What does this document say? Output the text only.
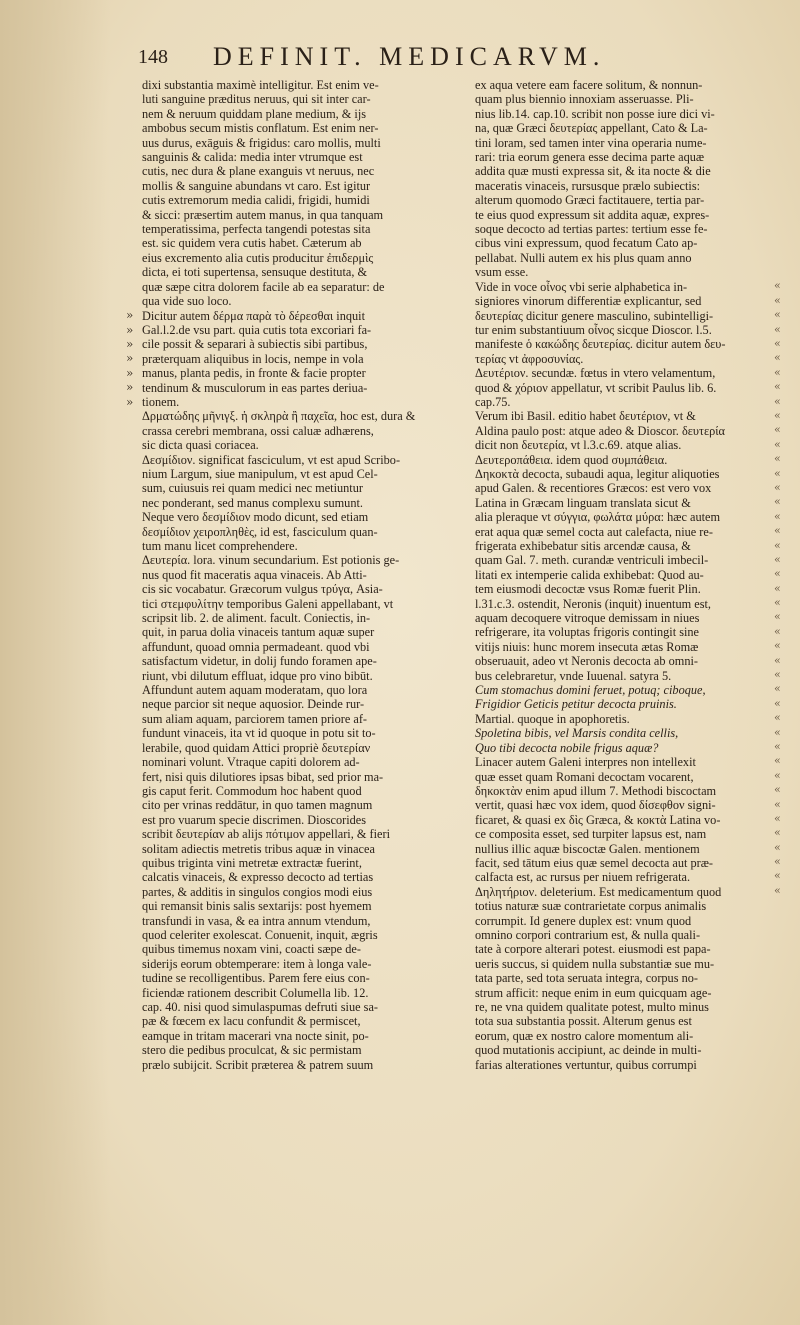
148 DEFINIT. MEDICARVM.
»
»
»
»
»
»
»
dixi substantia maximè intelligitur. Est enim ve-
luti sanguine præditus neruus, qui sit inter car-
nem & neruum quiddam plane medium, & ijs
ambobus secum mistis conflatum. Est enim ner-
uus durus, exāguis & frigidus: caro mollis, multi
sanguinis & calida: media inter vtrumque est
cutis, nec dura & plane exanguis vt neruus, nec
mollis & sanguine abundans vt caro. Est igitur
cutis extremorum media calidi, frigidi, humidi
& sicci: præsertim autem manus, in qua tanquam
temperatissima, perfecta tangendi potestas sita
est. sic quidem vera cutis habet. Cæterum ab
eius excremento alia cutis producitur ἐπιδερμὶς
dicta, ei toti supertensa, sensuque destituta, &
quæ sæpe citra dolorem facile ab ea separatur: de
qua vide suo loco.
Dicitur autem δέρμα παρὰ τὸ δέρεσθαι inquit
Gal.l.2.de vsu part. quia cutis tota excoriari fa-
cile possit & separari à subiectis sibi partibus,
præterquam aliquibus in locis, nempe in vola
manus, planta pedis, in fronte & facie propter
tendinum & musculorum in eas partes deriua-
tionem.
Δρματώδης μῆνιγξ. ἡ σκληρὰ ἢ παχεῖα, hoc est, dura &
crassa cerebri membrana, ossi caluæ adhærens,
sic dicta quasi coriacea.
Δεσμίδιον. significat fasciculum, vt est apud Scribo-
nium Largum, siue manipulum, vt est apud Cel-
sum, cuiusuis rei quam medici nec metiuntur
nec ponderant, sed manus complexu sumunt.
Neque vero δεσμίδιον modo dicunt, sed etiam
δεσμίδιον χειροπληθὲς, id est, fasciculum quan-
tum manu licet comprehendere.
Δευτερία. lora. vinum secundarium. Est potionis ge-
nus quod fit maceratis aqua vinaceis. Ab Atti-
cis sic vocabatur. Græcorum vulgus τρύγα, Asia-
tici στεμφυλίτην temporibus Galeni appellabant, vt
scripsit lib. 2. de aliment. facult. Coniectis, in-
quit, in parua dolia vinaceis tantum aquæ super
affundunt, quoad omnia permadeant. quod vbi
satisfactum videtur, in dolij fundo foramen ape-
riunt, vbi dilutum effluat, idque pro vino bibūt.
Affundunt autem aquam moderatam, quo lora
neque parcior sit neque aquosior. Deinde rur-
sum aliam aquam, parciorem tamen priore af-
fundunt vinaceis, ita vt id quoque in potu sit to-
lerabile, quod quidam Attici propriè δευτερίαν
nominari volunt. Vtraque capiti dolorem ad-
fert, nisi quis dilutiores ipsas bibat, sed prior ma-
gis caput ferit. Commodum hoc habent quod
cito per vrinas reddātur, in quo tamen magnum
est pro vuarum specie discrimen. Dioscorides
scribit δευτερίαν ab alijs πότιμον appellari, & fieri
solitam adiectis metretis tribus aquæ in vinacea
quibus triginta vini metretæ extractæ fuerint,
calcatis vinaceis, & expresso decocto ad tertias
partes, & additis in singulos congios modi eius
qui remansit binis salis sextarijs: post hyemem
transfundi in vasa, & ea intra annum vtendum,
quod celeriter exolescat. Conuenit, inquit, ægris
quibus timemus noxam vini, coacti sæpe de-
siderijs eorum obtemperare: item à longa vale-
tudine se recolligentibus. Parem fere eius con-
ficiendæ rationem describit Columella lib. 12.
cap. 40. nisi quod simulaspumas defruti siue sa-
pæ & fœcem ex lacu confundit & permiscet,
eamque in tritam macerari vna nocte sinit, po-
stero die pedibus proculcat, & sic permistam
prælo subijcit. Scribit præterea & patrem suum
ex aqua vetere eam facere solitum, & nonnun-
quam plus biennio innoxiam asseruasse. Pli-
nius lib.14. cap.10. scribit non posse iure dici vi-
na, quæ Græci δευτερίας appellant, Cato & La-
tini loram, sed tamen inter vina operaria nume-
rari: tria eorum genera esse decima parte aquæ
addita quæ musti expressa sit, & ita nocte & die
maceratis vinaceis, rursusque prælo subiectis:
alterum quomodo Græci factitauere, tertia par-
te eius quod expressum sit addita aquæ, expres-
soque decocto ad tertias partes: tertium esse fe-
cibus vini expressum, quod fecatum Cato ap-
pellabat. Nulli autem ex his plus quam anno
vsum esse.
Vide in voce οἶνος vbi serie alphabetica in-
signiores vinorum differentiæ explicantur, sed
δευτερίας dicitur genere masculino, subintelligi-
tur enim substantiuum οἶνος sicque Dioscor. l.5.
manifeste ὁ κακώδης δευτερίας. dicitur autem δευ-
τερίας vt ἀφροσυνίας.
Δευτέριον. secundæ. fœtus in vtero velamentum,
quod & χόριον appellatur, vt scribit Paulus lib. 6.
cap.75.
Verum ibi Basil. editio habet δευτέριον, vt &
Aldina paulo post: atque adeo & Dioscor. δευτερία
dicit non δευτερία, vt l.3.c.69. atque alias.
Δευτεροπάθεια. idem quod συμπάθεια.
Δηκοκτὰ decocta, subaudi aqua, legitur aliquoties
apud Galen. & recentiores Græcos: est vero vox
Latina in Græcam linguam translata sicut &
alia pleraque vt σύγγια, φωλάτα μύρα: hæc autem
erat aqua quæ semel cocta aut calefacta, niue re-
frigerata exhibebatur sitis arcendæ causa, &
quam Gal. 7. meth. curandæ ventriculi imbecil-
litati ex intemperie calida exhibebat: Quod au-
tem eiusmodi decoctæ vsus Romæ fuerit Plin.
l.31.c.3. ostendit, Neronis (inquit) inuentum est,
aquam decoquere vitroque demissam in niues
refrigerare, ita voluptas frigoris contingit sine
vitijs niuis: hunc morem insecuta ætas Romæ
obseruauit, adeo vt Neronis decocta ab omni-
bus celebraretur, vnde Iuuenal. satyra 5.
Cum stomachus domini feruet, potuq; ciboque,
Frigidior Geticis petitur decocta pruinis.
Martial. quoque in apophoretis.
Spoletina bibis, vel Marsis condita cellis,
Quo tibi decocta nobile frigus aquæ?
Linacer autem Galeni interpres non intellexit
quæ esset quam Romani decoctam vocarent,
δηκοκτὰν enim apud illum 7. Methodi biscoctam
vertit, quasi hæc vox idem, quod δίσεφθον signi-
ficaret, & quasi ex δὶς Græca, & κοκτὰ Latina vo-
ce composita esset, sed turpiter lapsus est, nam
nullius illic aquæ biscoctæ Galen. mentionem
facit, sed tātum eius quæ semel decocta aut præ-
calfacta est, ac rursus per niuem refrigerata.
Δηλητήριον. deleterium. Est medicamentum quod
totius naturæ suæ contrarietate corpus animalis
corrumpit. Id genere duplex est: vnum quod
omnino corpori contrarium est, & nulla quali-
tate à corpore alterari potest. eiusmodi est papa-
ueris succus, si quidem nulla substantiæ sue mu-
tata parte, sed tota seruata integra, corpus no-
strum afficit: neque enim in eum quicquam age-
re, ne vna quidem qualitate potest, multo minus
tota sua substantia possit. Alterum genus est
eorum, quæ ex nostro calore momentum ali-
quod mutationis accipiunt, ac deinde in multi-
farias alterationes vertuntur, quibus corrumpi
«
«
«
«
«
«
«
«
«
«
«
«
«
«
«
«
«
«
«
«
«
«
«
«
«
«
«
«
«
«
«
«
«
«
«
«
«
«
«
«
«
«
«
